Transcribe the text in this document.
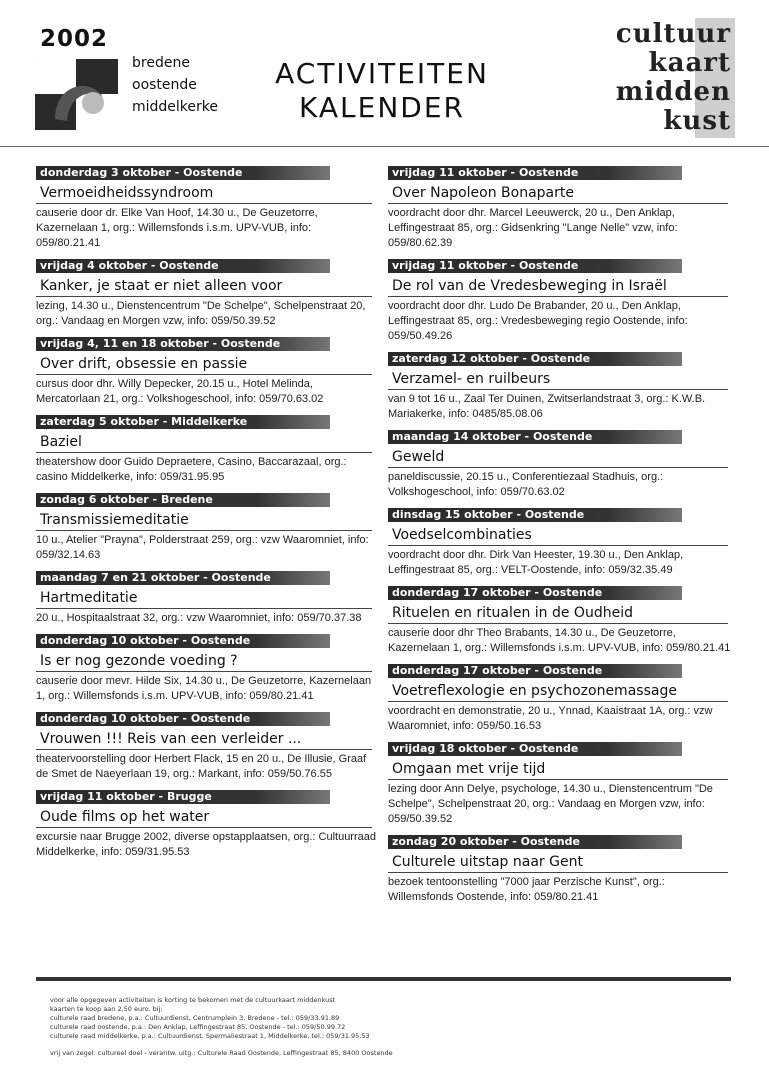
2002
bredene
oostende
middelkerke
ACTIVITEITEN
KALENDER
cultuur
kaart
midden
kust
donderdag 3 oktober - Oostende
Vermoeidheidssyndroom
causerie door dr. Elke Van Hoof, 14.30 u., De Geuzetorre, Kazernelaan 1, org.: Willemsfonds i.s.m. UPV-VUB, info: 059/80.21.41
vrijdag 4 oktober - Oostende
Kanker, je staat er niet alleen voor
lezing, 14.30 u., Dienstencentrum "De Schelpe", Schelpenstraat 20, org.: Vandaag en Morgen vzw, info: 059/50.39.52
vrijdag 4, 11 en 18 oktober - Oostende
Over drift, obsessie en passie
cursus door dhr. Willy Depecker, 20.15 u., Hotel Melinda, Mercatorlaan 21, org.: Volkshogeschool, info: 059/70.63.02
zaterdag 5 oktober - Middelkerke
Baziel
theatershow door Guido Depraetere, Casino, Baccarazaal, org.: casino Middelkerke, info: 059/31.95.95
zondag 6 oktober - Bredene
Transmissiemeditatie
10 u., Atelier "Prayna", Polderstraat 259, org.: vzw Waaromniet, info: 059/32.14.63
maandag 7 en 21 oktober - Oostende
Hartmeditatie
20 u., Hospitaalstraat 32, org.: vzw Waaromniet, info: 059/70.37.38
donderdag 10 oktober - Oostende
Is er nog gezonde voeding ?
causerie door mevr. Hilde Six, 14.30 u., De Geuzetorre, Kazernelaan 1, org.: Willemsfonds i.s.m. UPV-VUB, info: 059/80.21.41
donderdag 10 oktober - Oostende
Vrouwen !!! Reis van een verleider ...
theatervoorstelling door Herbert Flack, 15 en 20 u., De Illusie, Graaf de Smet de Naeyerlaan 19, org.: Markant, info: 059/50.76.55
vrijdag 11 oktober - Brugge
Oude films op het water
excursie naar Brugge 2002, diverse opstapplaatsen, org.: Cultuurraad Middelkerke, info: 059/31.95.53
vrijdag 11 oktober - Oostende
Over Napoleon Bonaparte
voordracht door dhr. Marcel Leeuwerck, 20 u., Den Anklap, Leffingestraat 85, org.: Gidsenkring "Lange Nelle" vzw, info: 059/80.62.39
vrijdag 11 oktober - Oostende
De rol van de Vredesbeweging in Israël
voordracht door dhr. Ludo De Brabander, 20 u., Den Anklap, Leffingestraat 85, org.: Vredesbeweging regio Oostende, info: 059/50.49.26
zaterdag 12 oktober - Oostende
Verzamel- en ruilbeurs
van 9 tot 16 u., Zaal Ter Duinen, Zwitserlandstraat 3, org.: K.W.B. Mariakerke, info: 0485/85.08.06
maandag 14 oktober - Oostende
Geweld
paneldiscussie, 20.15 u., Conferentiezaal Stadhuis, org.: Volkshogeschool, info: 059/70.63.02
dinsdag 15 oktober - Oostende
Voedselcombinaties
voordracht door dhr. Dirk Van Heester, 19.30 u., Den Anklap, Leffingestraat 85, org.: VELT-Oostende, info: 059/32.35.49
donderdag 17 oktober - Oostende
Rituelen en ritualen in de Oudheid
causerie door dhr Theo Brabants, 14.30 u., De Geuzetorre, Kazernelaan 1, org.: Willemsfonds i.s.m. UPV-VUB, info: 059/80.21.41
donderdag 17 oktober - Oostende
Voetreflexologie en psychozonemassage
voordracht en demonstratie, 20 u., Ynnad, Kaaistraat 1A, org.: vzw Waaromniet, info: 059/50.16.53
vrijdag 18 oktober - Oostende
Omgaan met vrije tijd
lezing door Ann Delye, psychologe, 14.30 u., Dienstencentrum "De Schelpe", Schelpenstraat 20, org.: Vandaag en Morgen vzw, info: 059/50.39.52
zondag 20 oktober - Oostende
Culturele uitstap naar Gent
bezoek tentoonstelling "7000 jaar Perzische Kunst", org.: Willemsfonds Oostende, info: 059/80.21.41
voor alle opgegeven activiteiten is korting te bekomen met de cultuurkaart middenkust
kaarten te koop aan 2,50 euro. bij:
culturele raad bredene, p.a.: Cultuurdienst, Centrumplein 3, Bredene - tel.: 059/33.91.89
culturele raad oostende, p.a.: Den Anklap, Leffingestraat 85, Oostende - tel.: 059/50.99.72
culturele raad middelkerke, p.a.: Cultuurdienst, Spermaliestraat 1, Middelkerke, tel.: 059/31.95.53
vrij van zegel: cultureel doel - verantw. uitg.: Culturele Raad Oostende, Leffingestraat 85, 8400 Oostende
